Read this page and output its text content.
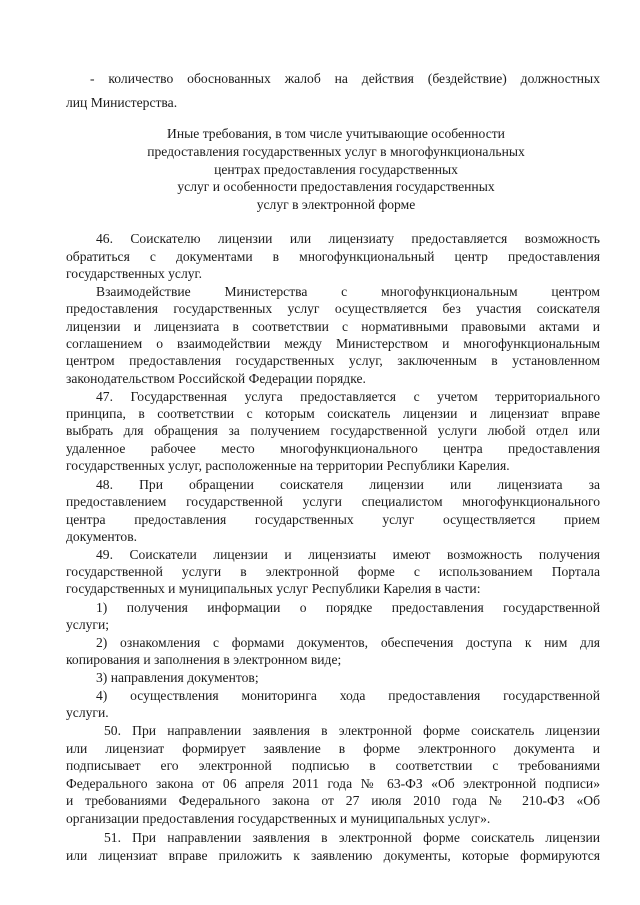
- количество обоснованных жалоб на действия (бездействие) должностных
лиц Министерства.
Иные требования, в том числе учитывающие особенности
предоставления государственных услуг в многофункциональных
центрах предоставления государственных
услуг и особенности предоставления государственных
услуг в электронной форме
46. Соискателю лицензии или лицензиату предоставляется возможность
обратиться с документами в многофункциональный центр предоставления
государственных услуг.
Взаимодействие Министерства с многофункциональным центром
предоставления государственных услуг осуществляется без участия соискателя
лицензии и лицензиата в соответствии с нормативными правовыми актами и
соглашением о взаимодействии между Министерством и многофункциональным
центром предоставления государственных услуг, заключенным в установленном
законодательством Российской Федерации порядке.
47. Государственная услуга предоставляется с учетом территориального
принципа, в соответствии с которым соискатель лицензии и лицензиат вправе
выбрать для обращения за получением государственной услуги любой отдел или
удаленное рабочее место многофункционального центра предоставления
государственных услуг, расположенные на территории Республики Карелия.
48. При обращении соискателя лицензии или лицензиата за
предоставлением государственной услуги специалистом многофункционального
центра предоставления государственных услуг осуществляется прием
документов.
49. Соискатели лицензии и лицензиаты имеют возможность получения
государственной услуги в электронной форме с использованием Портала
государственных и муниципальных услуг Республики Карелия в части:
1) получения информации о порядке предоставления государственной
услуги;
2) ознакомления с формами документов, обеспечения доступа к ним для
копирования и заполнения в электронном виде;
3) направления документов;
4) осуществления мониторинга хода предоставления государственной
услуги.
50. При направлении заявления в электронной форме соискатель лицензии
или лицензиат формирует заявление в форме электронного документа и
подписывает его электронной подписью в соответствии с требованиями
Федерального закона от 06 апреля 2011 года № 63-ФЗ «Об электронной подписи»
и требованиями Федерального закона от 27 июля 2010 года № 210-ФЗ «Об
организации предоставления государственных и муниципальных услуг».
51. При направлении заявления в электронной форме соискатель лицензии
или лицензиат вправе приложить к заявлению документы, которые формируются
